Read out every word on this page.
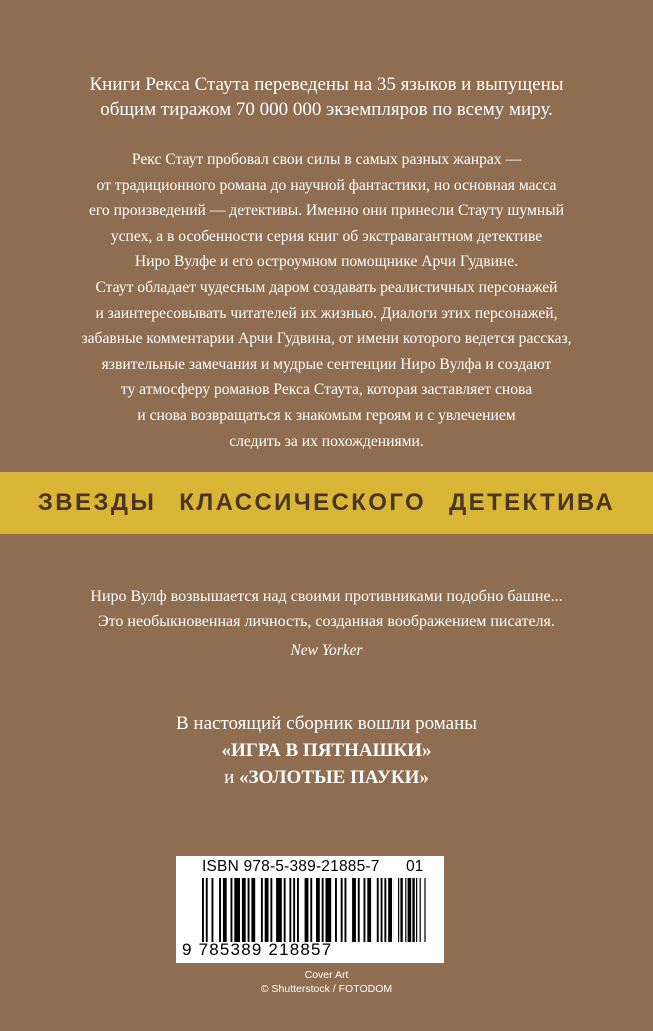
Книги Рекса Стаута переведены на 35 языков и выпущены

общим тиражом 70 000 000 экземпляров по всему миру.

Рекс Стаут пробовал свои силы в самых разных жанрах —
от традиционного романа до научной фантастики, но основная масса
его произведений — детективы. Именно они принесли Стауту шумный
успех, а в особенности серия книг об экстравагантном детективе
Ниро Вулфе и его остроумном помощнике Арчи Гудвине.
Стаут обладает чудесным даром создавать реалистичных персонажей
и заинтересовывать читателей их жизнью. Диалоги этих персонажей,
забавные комментарии Арчи Гудвина, от имени которого ведется рассказ,
язвительные замечания и мудрые сентенции Ниро Вулфа и создают
ту атмосферу романов Рекса Стаута, которая заставляет снова
и снова возвращаться к знакомым героям и с увлечением
следить за их похождениями.
ЗВЕЗДЫ КЛАССИЧЕСКОГО ДЕТЕКТИВА
Ниро Вулф возвышается над своими противниками подобно башне...
Это необыкновенная личность, созданная воображением писателя.
New Yorker
В настоящий сборник вошли романы
«ИГРА В ПЯТНАШКИ»
и «ЗОЛОТЫЕ ПАУКИ»
ISBN 978-5-389-21885-7 01
9 785389 218857
Cover Art
© Shutterstock / FOTODOM
